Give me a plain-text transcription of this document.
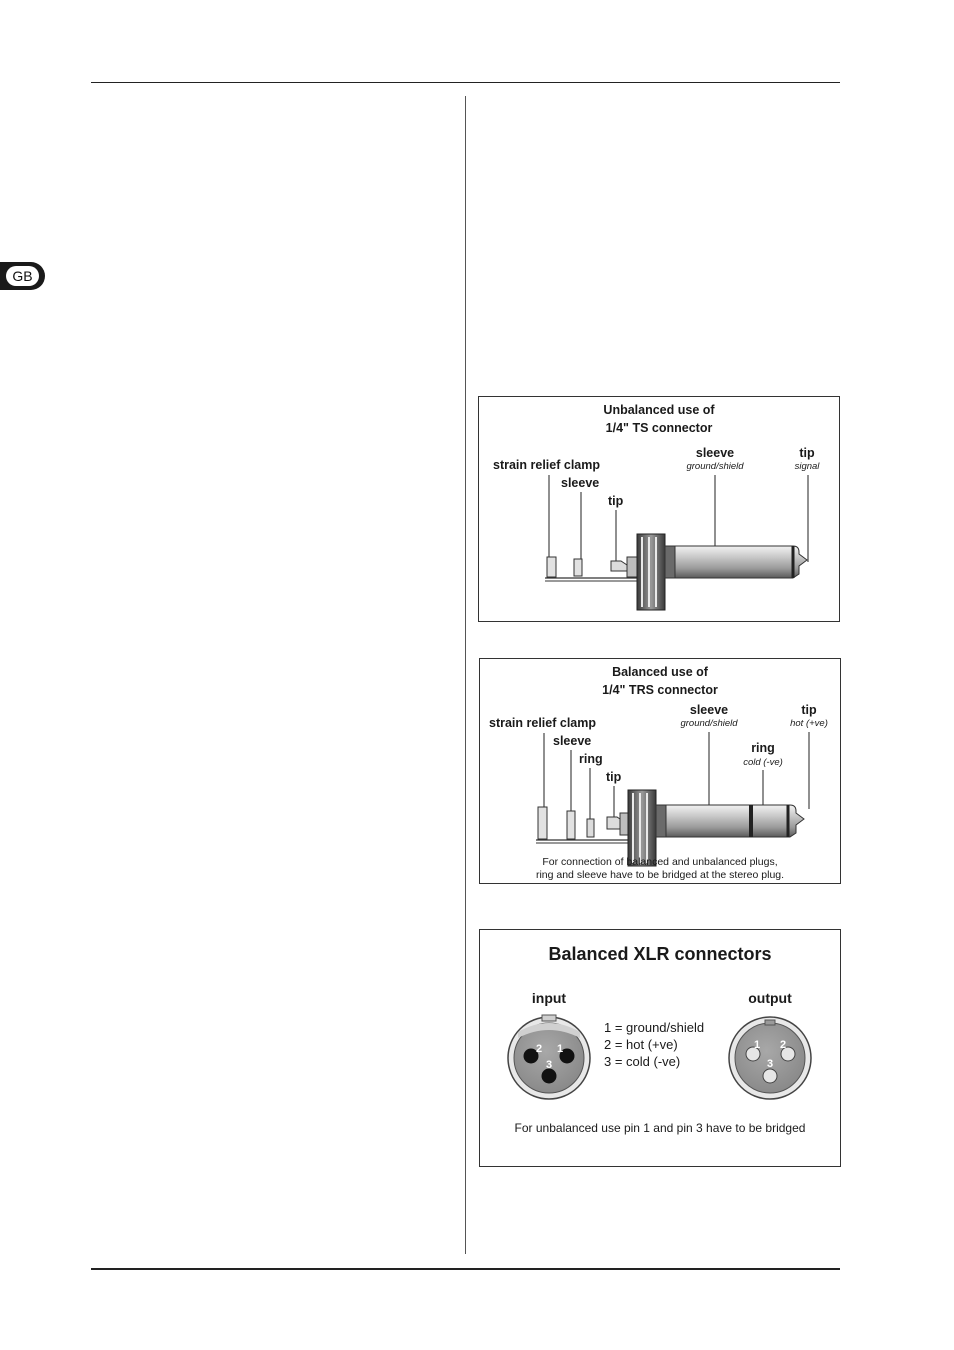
GB
Unbalanced use of
1/4" TS connector
strain relief clamp
sleeve
tip
sleeve
ground/shield
tip
signal
Balanced use of
1/4" TRS connector
strain relief clamp
sleeve
ring
tip
sleeve
ground/shield
ring
cold (-ve)
tip
hot (+ve)
For connection of balanced and unbalanced plugs,
ring and sleeve have to be bridged at the stereo plug.
Balanced XLR connectors
input	output
2 1
3
1 = ground/shield
2 = hot (+ve)
3 = cold (-ve)
1 2
3
For unbalanced use pin 1 and pin 3 have to be bridged
